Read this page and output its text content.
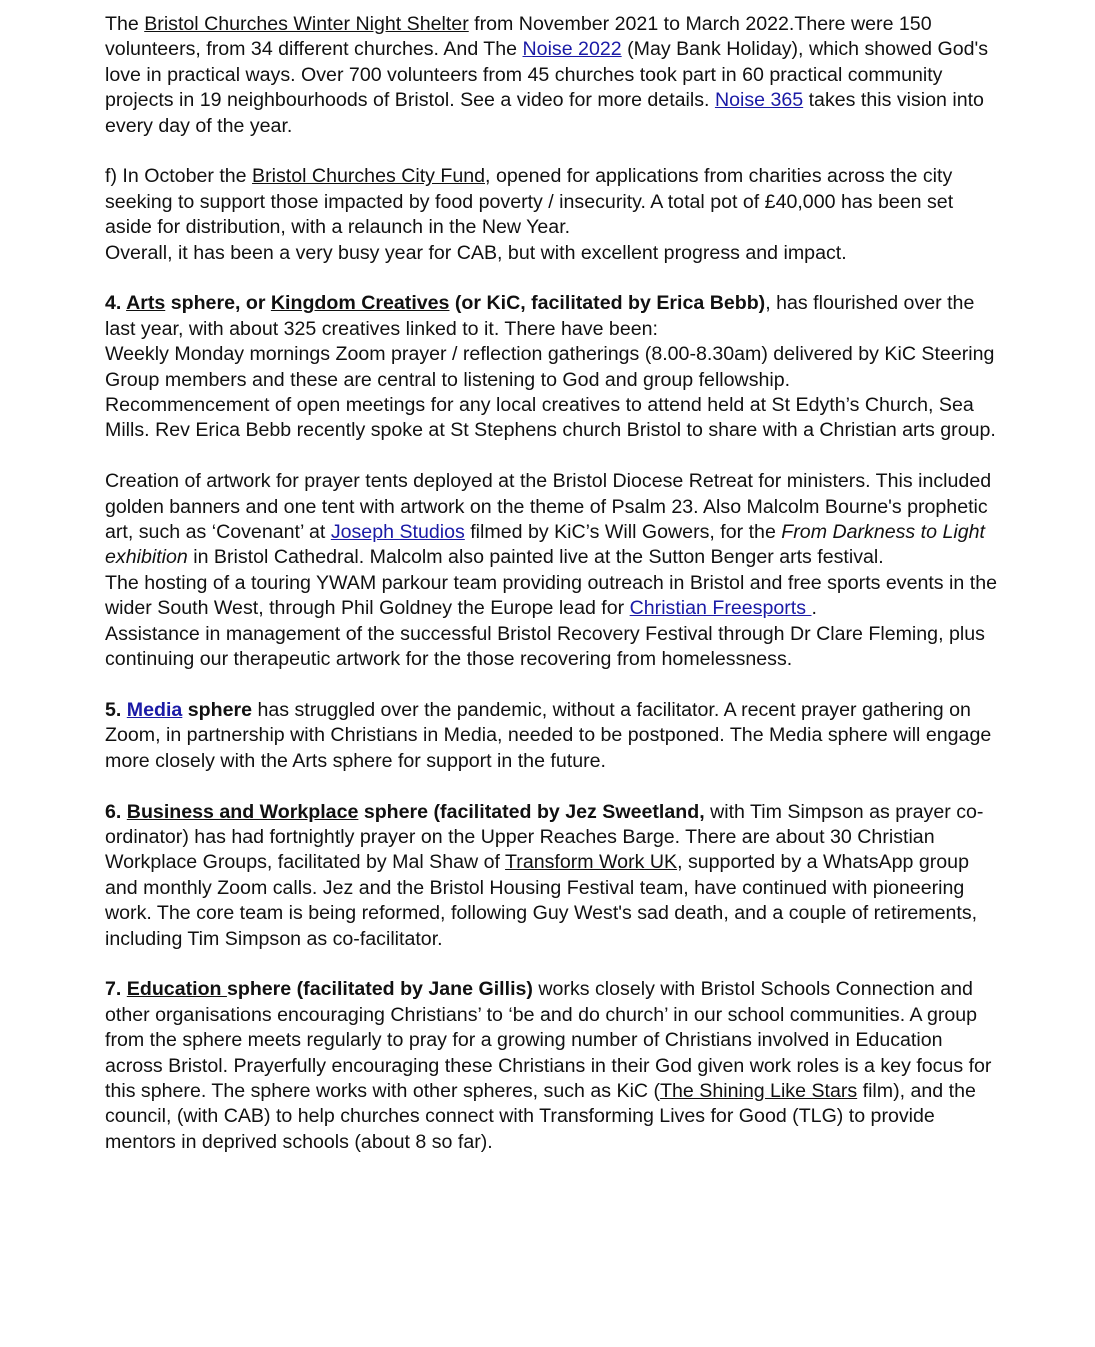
The Bristol Churches Winter Night Shelter from November 2021 to March 2022.There were 150 volunteers, from 34 different churches. And The Noise 2022 (May Bank Holiday), which showed God's love in practical ways. Over 700 volunteers from 45 churches took part in 60 practical community projects in 19 neighbourhoods of Bristol. See a video for more details. Noise 365 takes this vision into every day of the year.

f) In October the Bristol Churches City Fund, opened for applications from charities across the city seeking to support those impacted by food poverty / insecurity. A total pot of £40,000 has been set aside for distribution, with a relaunch in the New Year.

Overall, it has been a very busy year for CAB, but with excellent progress and impact.

4. Arts sphere, or Kingdom Creatives (or KiC, facilitated by Erica Bebb), has flourished over the last year, with about 325 creatives linked to it. There have been:

Weekly Monday mornings Zoom prayer / reflection gatherings (8.00-8.30am) delivered by KiC Steering Group members and these are central to listening to God and group fellowship.

Recommencement of open meetings for any local creatives to attend held at St Edyth’s Church, Sea Mills. Rev Erica Bebb recently spoke at St Stephens church Bristol to share with a Christian arts group.

Creation of artwork for prayer tents deployed at the Bristol Diocese Retreat for ministers. This included golden banners and one tent with artwork on the theme of Psalm 23. Also Malcolm Bourne's prophetic art, such as ‘Covenant’ at Joseph Studios filmed by KiC’s Will Gowers, for the From Darkness to Light exhibition in Bristol Cathedral. Malcolm also painted live at the Sutton Benger arts festival.

The hosting of a touring YWAM parkour team providing outreach in Bristol and free sports events in the wider South West, through Phil Goldney the Europe lead for Christian Freesports .

Assistance in management of the successful Bristol Recovery Festival through Dr Clare Fleming, plus continuing our therapeutic artwork for the those recovering from homelessness.

5. Media sphere has struggled over the pandemic, without a facilitator. A recent prayer gathering on Zoom, in partnership with Christians in Media, needed to be postponed. The Media sphere will engage more closely with the Arts sphere for support in the future.

6. Business and Workplace sphere (facilitated by Jez Sweetland, with Tim Simpson as prayer co-ordinator) has had fortnightly prayer on the Upper Reaches Barge. There are about 30 Christian Workplace Groups, facilitated by Mal Shaw of Transform Work UK, supported by a WhatsApp group and monthly Zoom calls. Jez and the Bristol Housing Festival team, have continued with pioneering work. The core team is being reformed, following Guy West's sad death, and a couple of retirements, including Tim Simpson as co-facilitator.

7. Education sphere (facilitated by Jane Gillis) works closely with Bristol Schools Connection and other organisations encouraging Christians’ to ‘be and do church’ in our school communities. A group from the sphere meets regularly to pray for a growing number of Christians involved in Education across Bristol. Prayerfully encouraging these Christians in their God given work roles is a key focus for this sphere. The sphere works with other spheres, such as KiC (The Shining Like Stars film), and the council, (with CAB) to help churches connect with Transforming Lives for Good (TLG) to provide mentors in deprived schools (about 8 so far).
